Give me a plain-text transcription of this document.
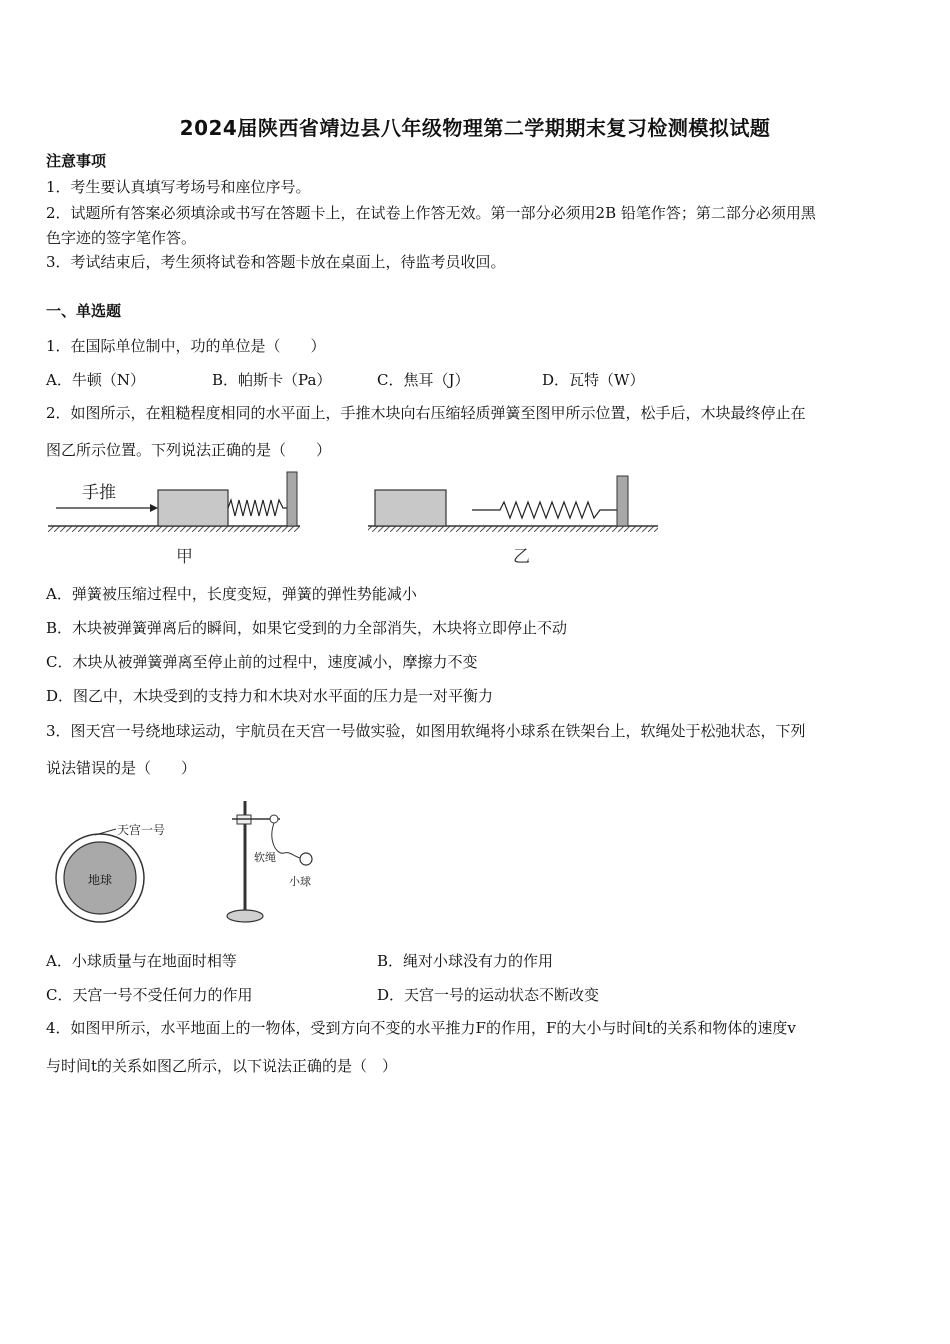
2024届陕西省靖边县八年级物理第二学期期末复习检测模拟试题
注意事项
1．考生要认真填写考场号和座位序号。
2．试题所有答案必须填涂或书写在答题卡上，在试卷上作答无效。第一部分必须用2B 铅笔作答；第二部分必须用黑
色字迹的签字笔作答。
3．考试结束后，考生须将试卷和答题卡放在桌面上，待监考员收回。
一、单选题
1．在国际单位制中，功的单位是（　　）
A．牛顿（N）	B．帕斯卡（Pa）	C．焦耳（J）	D．瓦特（W）
2．如图所示，在粗糙程度相同的水平面上，手推木块向右压缩轻质弹簧至图甲所示位置，松手后，木块最终停止在
图乙所示位置。下列说法正确的是（　　）
手推
甲	乙
A．弹簧被压缩过程中，长度变短，弹簧的弹性势能减小
B．木块被弹簧弹离后的瞬间，如果它受到的力全部消失，木块将立即停止不动
C．木块从被弹簧弹离至停止前的过程中，速度减小，摩擦力不变
D．图乙中，木块受到的支持力和木块对水平面的压力是一对平衡力
3．图天宫一号绕地球运动，宇航员在天宫一号做实验，如图用软绳将小球系在铁架台上，软绳处于松弛状态，下列
说法错误的是（　　）
地球
天宫一号
软绳
小球
A．小球质量与在地面时相等	B．绳对小球没有力的作用
C．天宫一号不受任何力的作用	D．天宫一号的运动状态不断改变
4．如图甲所示，水平地面上的一物体，受到方向不变的水平推力F的作用，F的大小与时间t的关系和物体的速度v
与时间t的关系如图乙所示，以下说法正确的是（　）
